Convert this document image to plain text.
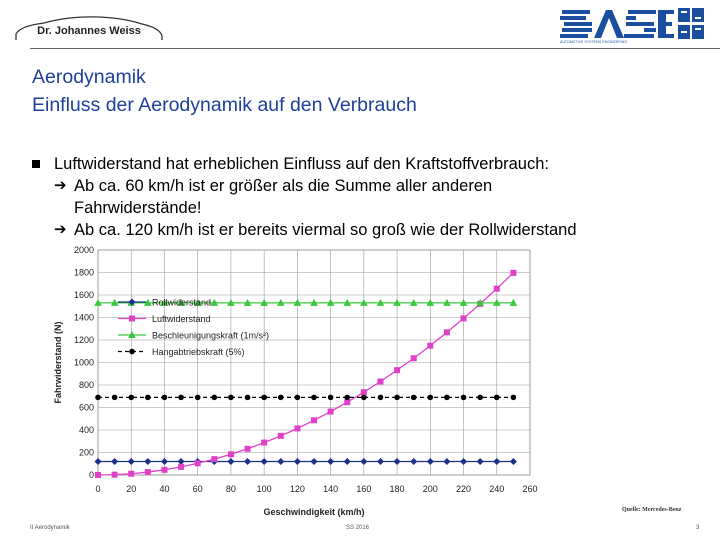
Dr. Johannes Weiss
AUTOMOTIVE SYSTEMS ENGINEERING
Aerodynamik
Einfluss der Aerodynamik auf den Verbrauch
Luftwiderstand hat erheblichen Einfluss auf den Kraftstoffverbrauch:
➔ Ab ca. 60 km/h ist er größer als die Summe aller anderen
Fahrwiderstände!
➔ Ab ca. 120 km/h ist er bereits viermal so groß wie der Rollwiderstand
0
200
400
600
800
1000
1200
1400
1600
1800
2000
0	20	40	60	80 100 120 140 160 180 200 220 240 260
Geschwindigkeit (km/h)
Fahrwiderstand (N)
Rollwiderstand
Luftwiderstand
Beschleunigungskraft (1m/s²)
Hangabtriebskraft (5%)
Quelle: Mercedes-Benz
II Aerodynamik	SS 2016	3
